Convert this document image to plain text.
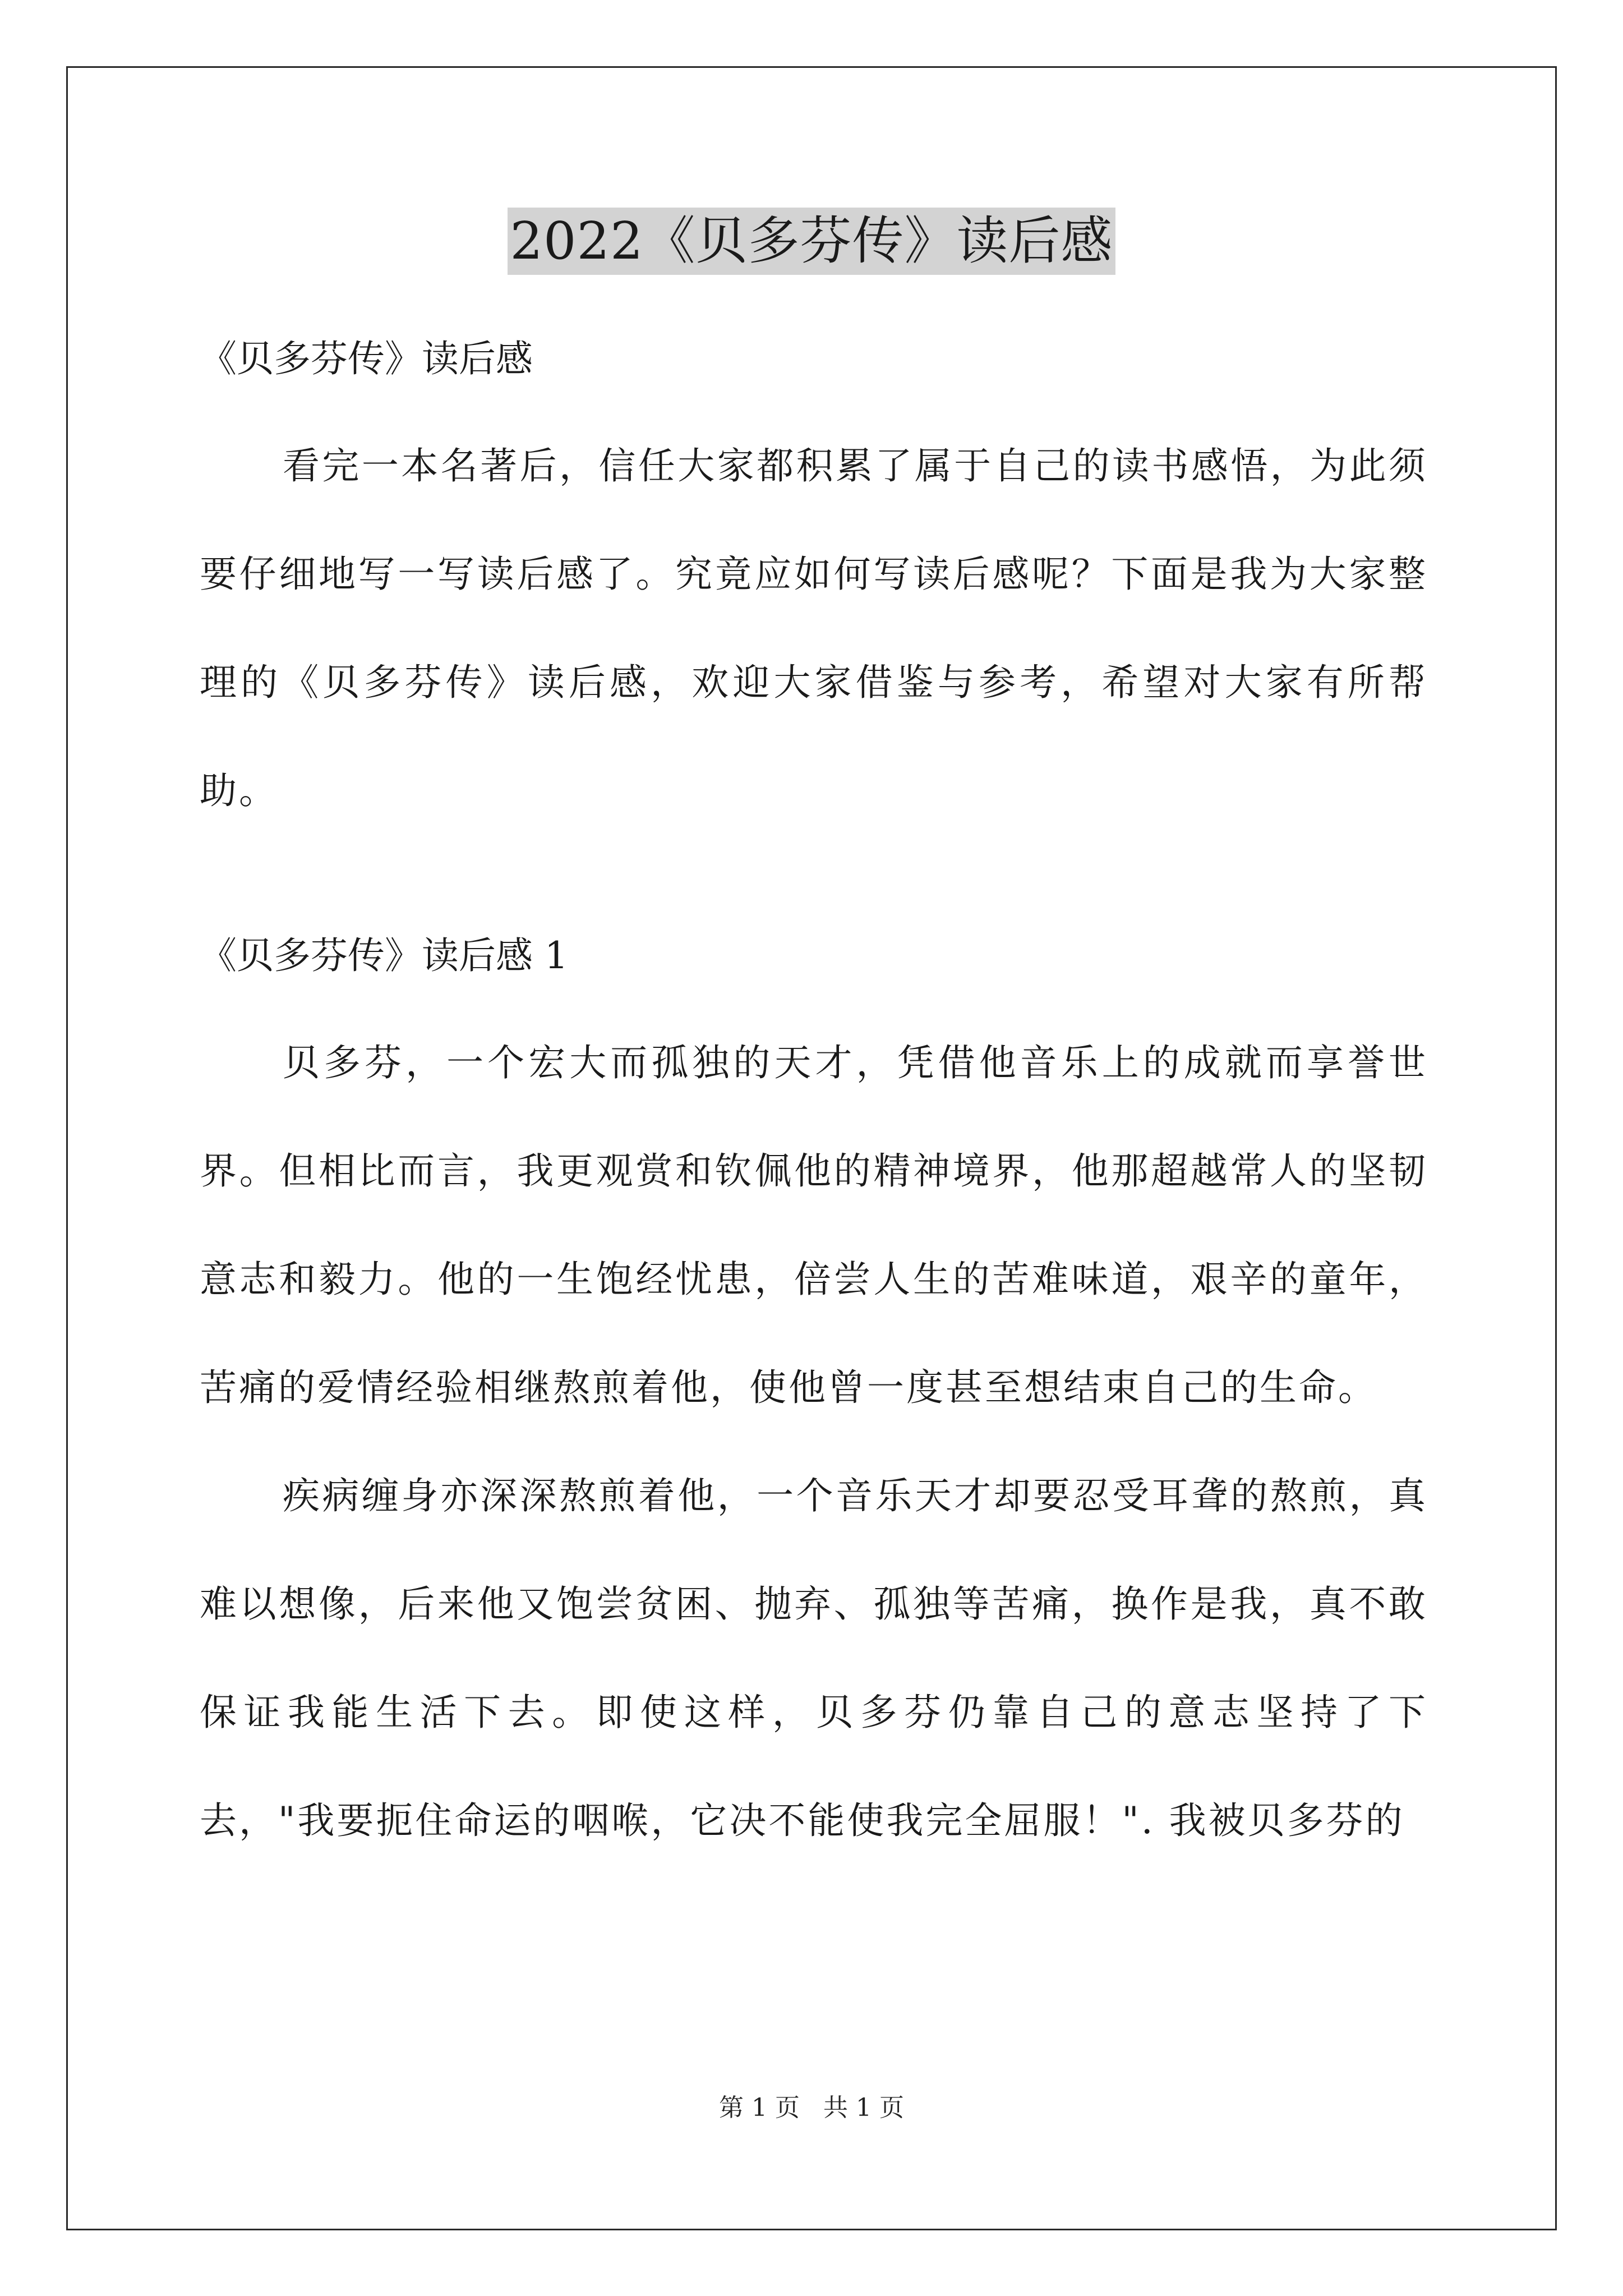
2022《贝多芬传》读后感

《贝多芬传》读后感

看完一本名著后，信任大家都积累了属于自己的读书感悟，为此须要仔细地写一写读后感了。究竟应如何写读后感呢？下面是我为大家整理的《贝多芬传》读后感，欢迎大家借鉴与参考，希望对大家有所帮助。

《贝多芬传》读后感 1

贝多芬，一个宏大而孤独的天才，凭借他音乐上的成就而享誉世界。但相比而言，我更观赏和钦佩他的精神境界，他那超越常人的坚韧意志和毅力。他的一生饱经忧患，倍尝人生的苦难味道，艰辛的童年，苦痛的爱情经验相继熬煎着他，使他曾一度甚至想结束自己的生命。

疾病缠身亦深深熬煎着他，一个音乐天才却要忍受耳聋的熬煎，真难以想像，后来他又饱尝贫困、抛弃、孤独等苦痛，换作是我，真不敢保证我能生活下去。即使这样，贝多芬仍靠自己的意志坚持了下去，"我要扼住命运的咽喉，它决不能使我完全屈服！". 我被贝多芬的

第 1 页 共 1 页
